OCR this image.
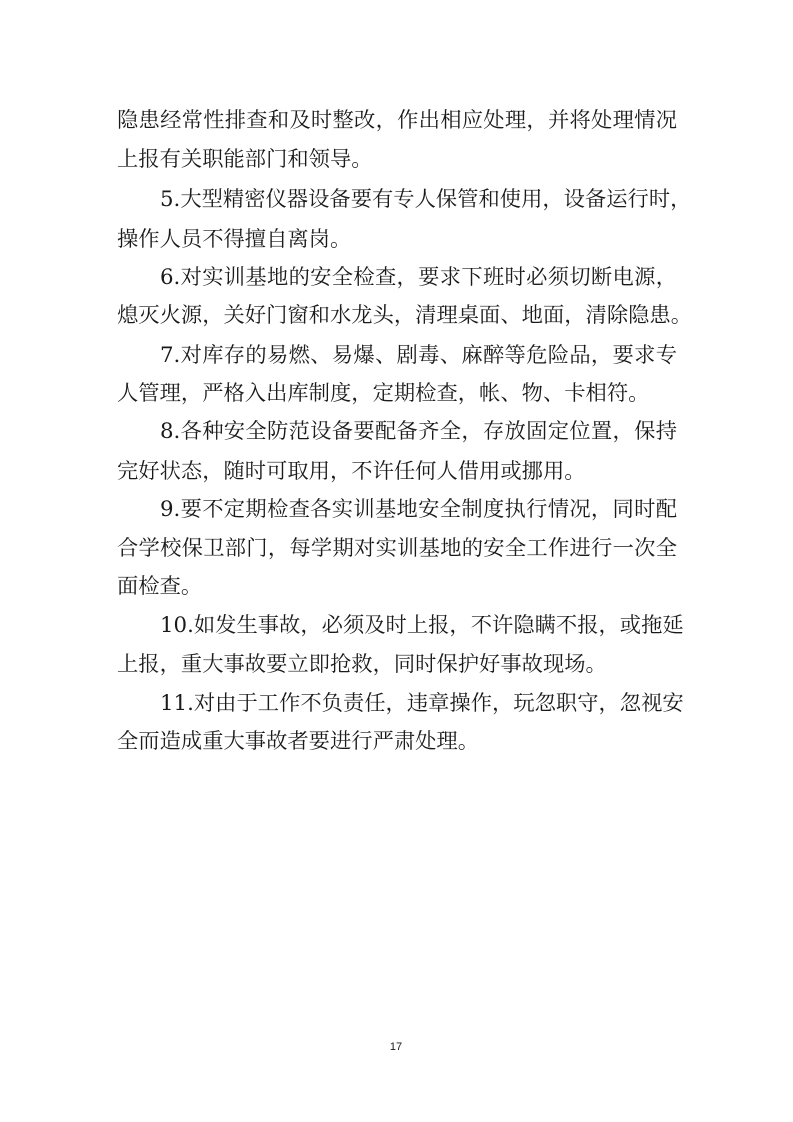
隐患经常性排查和及时整改，作出相应处理，并将处理情况
上报有关职能部门和领导。
5.大型精密仪器设备要有专人保管和使用，设备运行时，
操作人员不得擅自离岗。
6.对实训基地的安全检查，要求下班时必须切断电源，
熄灭火源，关好门窗和水龙头，清理桌面、地面，清除隐患。
7.对库存的易燃、易爆、剧毒、麻醉等危险品，要求专
人管理，严格入出库制度，定期检查，帐、物、卡相符。
8.各种安全防范设备要配备齐全，存放固定位置，保持
完好状态，随时可取用，不许任何人借用或挪用。
9.要不定期检查各实训基地安全制度执行情况，同时配
合学校保卫部门，每学期对实训基地的安全工作进行一次全
面检查。
10.如发生事故，必须及时上报，不许隐瞒不报，或拖延
上报，重大事故要立即抢救，同时保护好事故现场。
11.对由于工作不负责任，违章操作，玩忽职守，忽视安
全而造成重大事故者要进行严肃处理。
17
